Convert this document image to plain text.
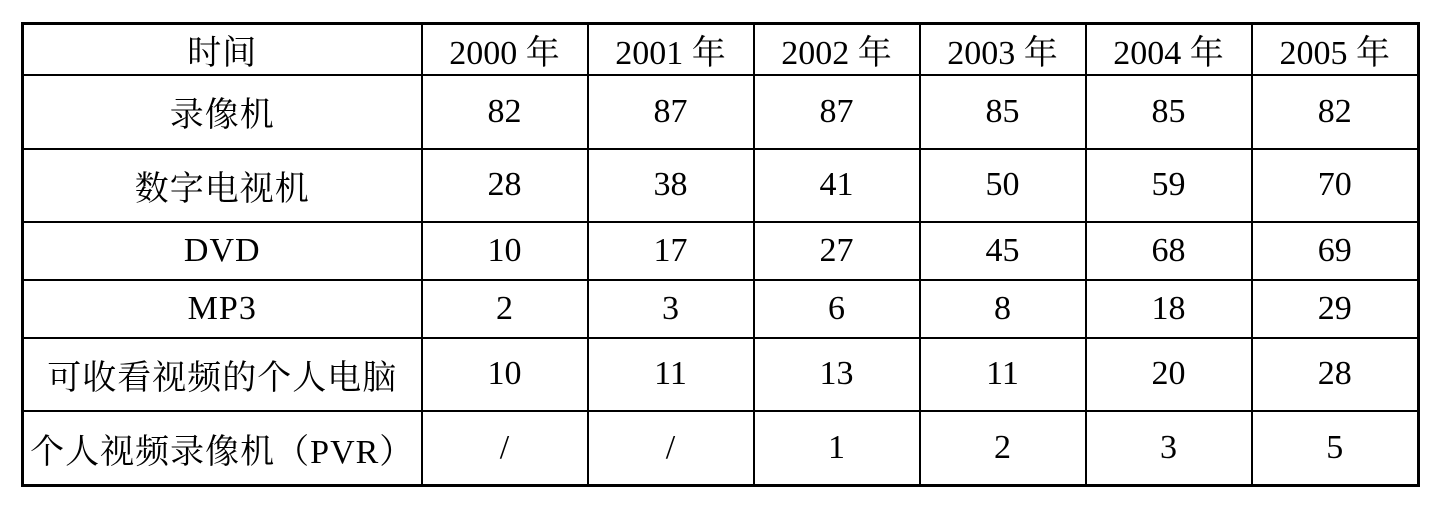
时间	2000 年	2001 年	2002 年	2003 年	2004 年	2005 年
录像机	82	87	87	85	85	82
数字电视机	28	38	41	50	59	70
DVD	10	17	27	45	68	69
MP3	2	3	6	8	18	29
可收看视频的个人电脑	10	11	13	11	20	28
个人视频录像机（PVR）	/	/	1	2	3	5
